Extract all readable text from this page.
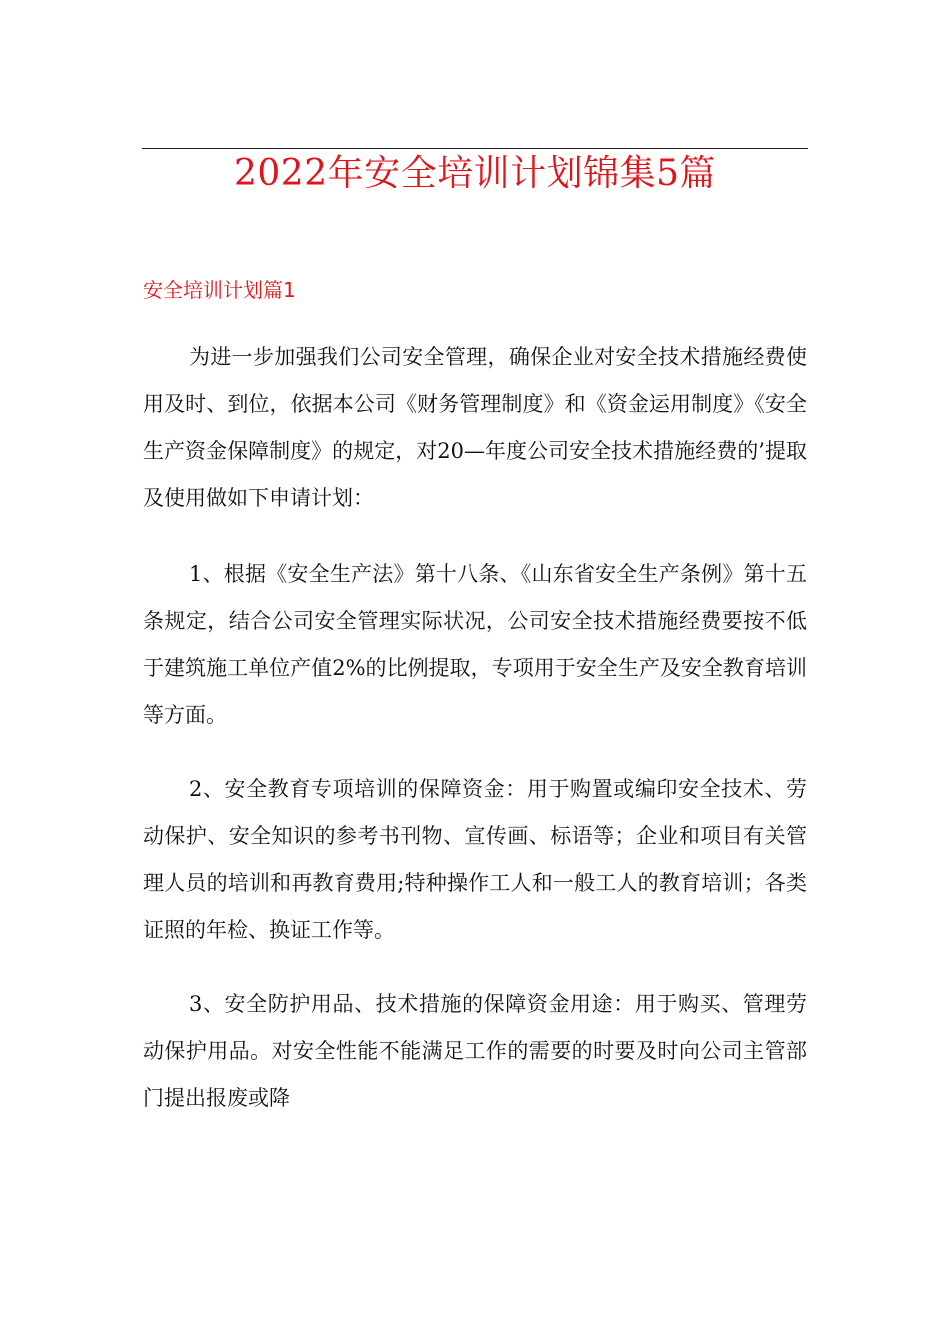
2022年安全培训计划锦集5篇
安全培训计划篇1

为进一步加强我们公司安全管理，确保企业对安全技术措施经费使用及时、到位，依据本公司《财务管理制度》和《资金运用制度》《安全生产资金保障制度》的规定，对20—年度公司安全技术措施经费的’提取及使用做如下申请计划：

1、根据《安全生产法》第十八条、《山东省安全生产条例》第十五条规定，结合公司安全管理实际状况，公司安全技术措施经费要按不低于建筑施工单位产值2%的比例提取，专项用于安全生产及安全教育培训等方面。

2、安全教育专项培训的保障资金：用于购置或编印安全技术、劳动保护、安全知识的参考书刊物、宣传画、标语等；企业和项目有关管理人员的培训和再教育费用;特种操作工人和一般工人的教育培训；各类证照的年检、换证工作等。

3、安全防护用品、技术措施的保障资金用途：用于购买、管理劳动保护用品。对安全性能不能满足工作的需要的时要及时向公司主管部门提出报废或降
